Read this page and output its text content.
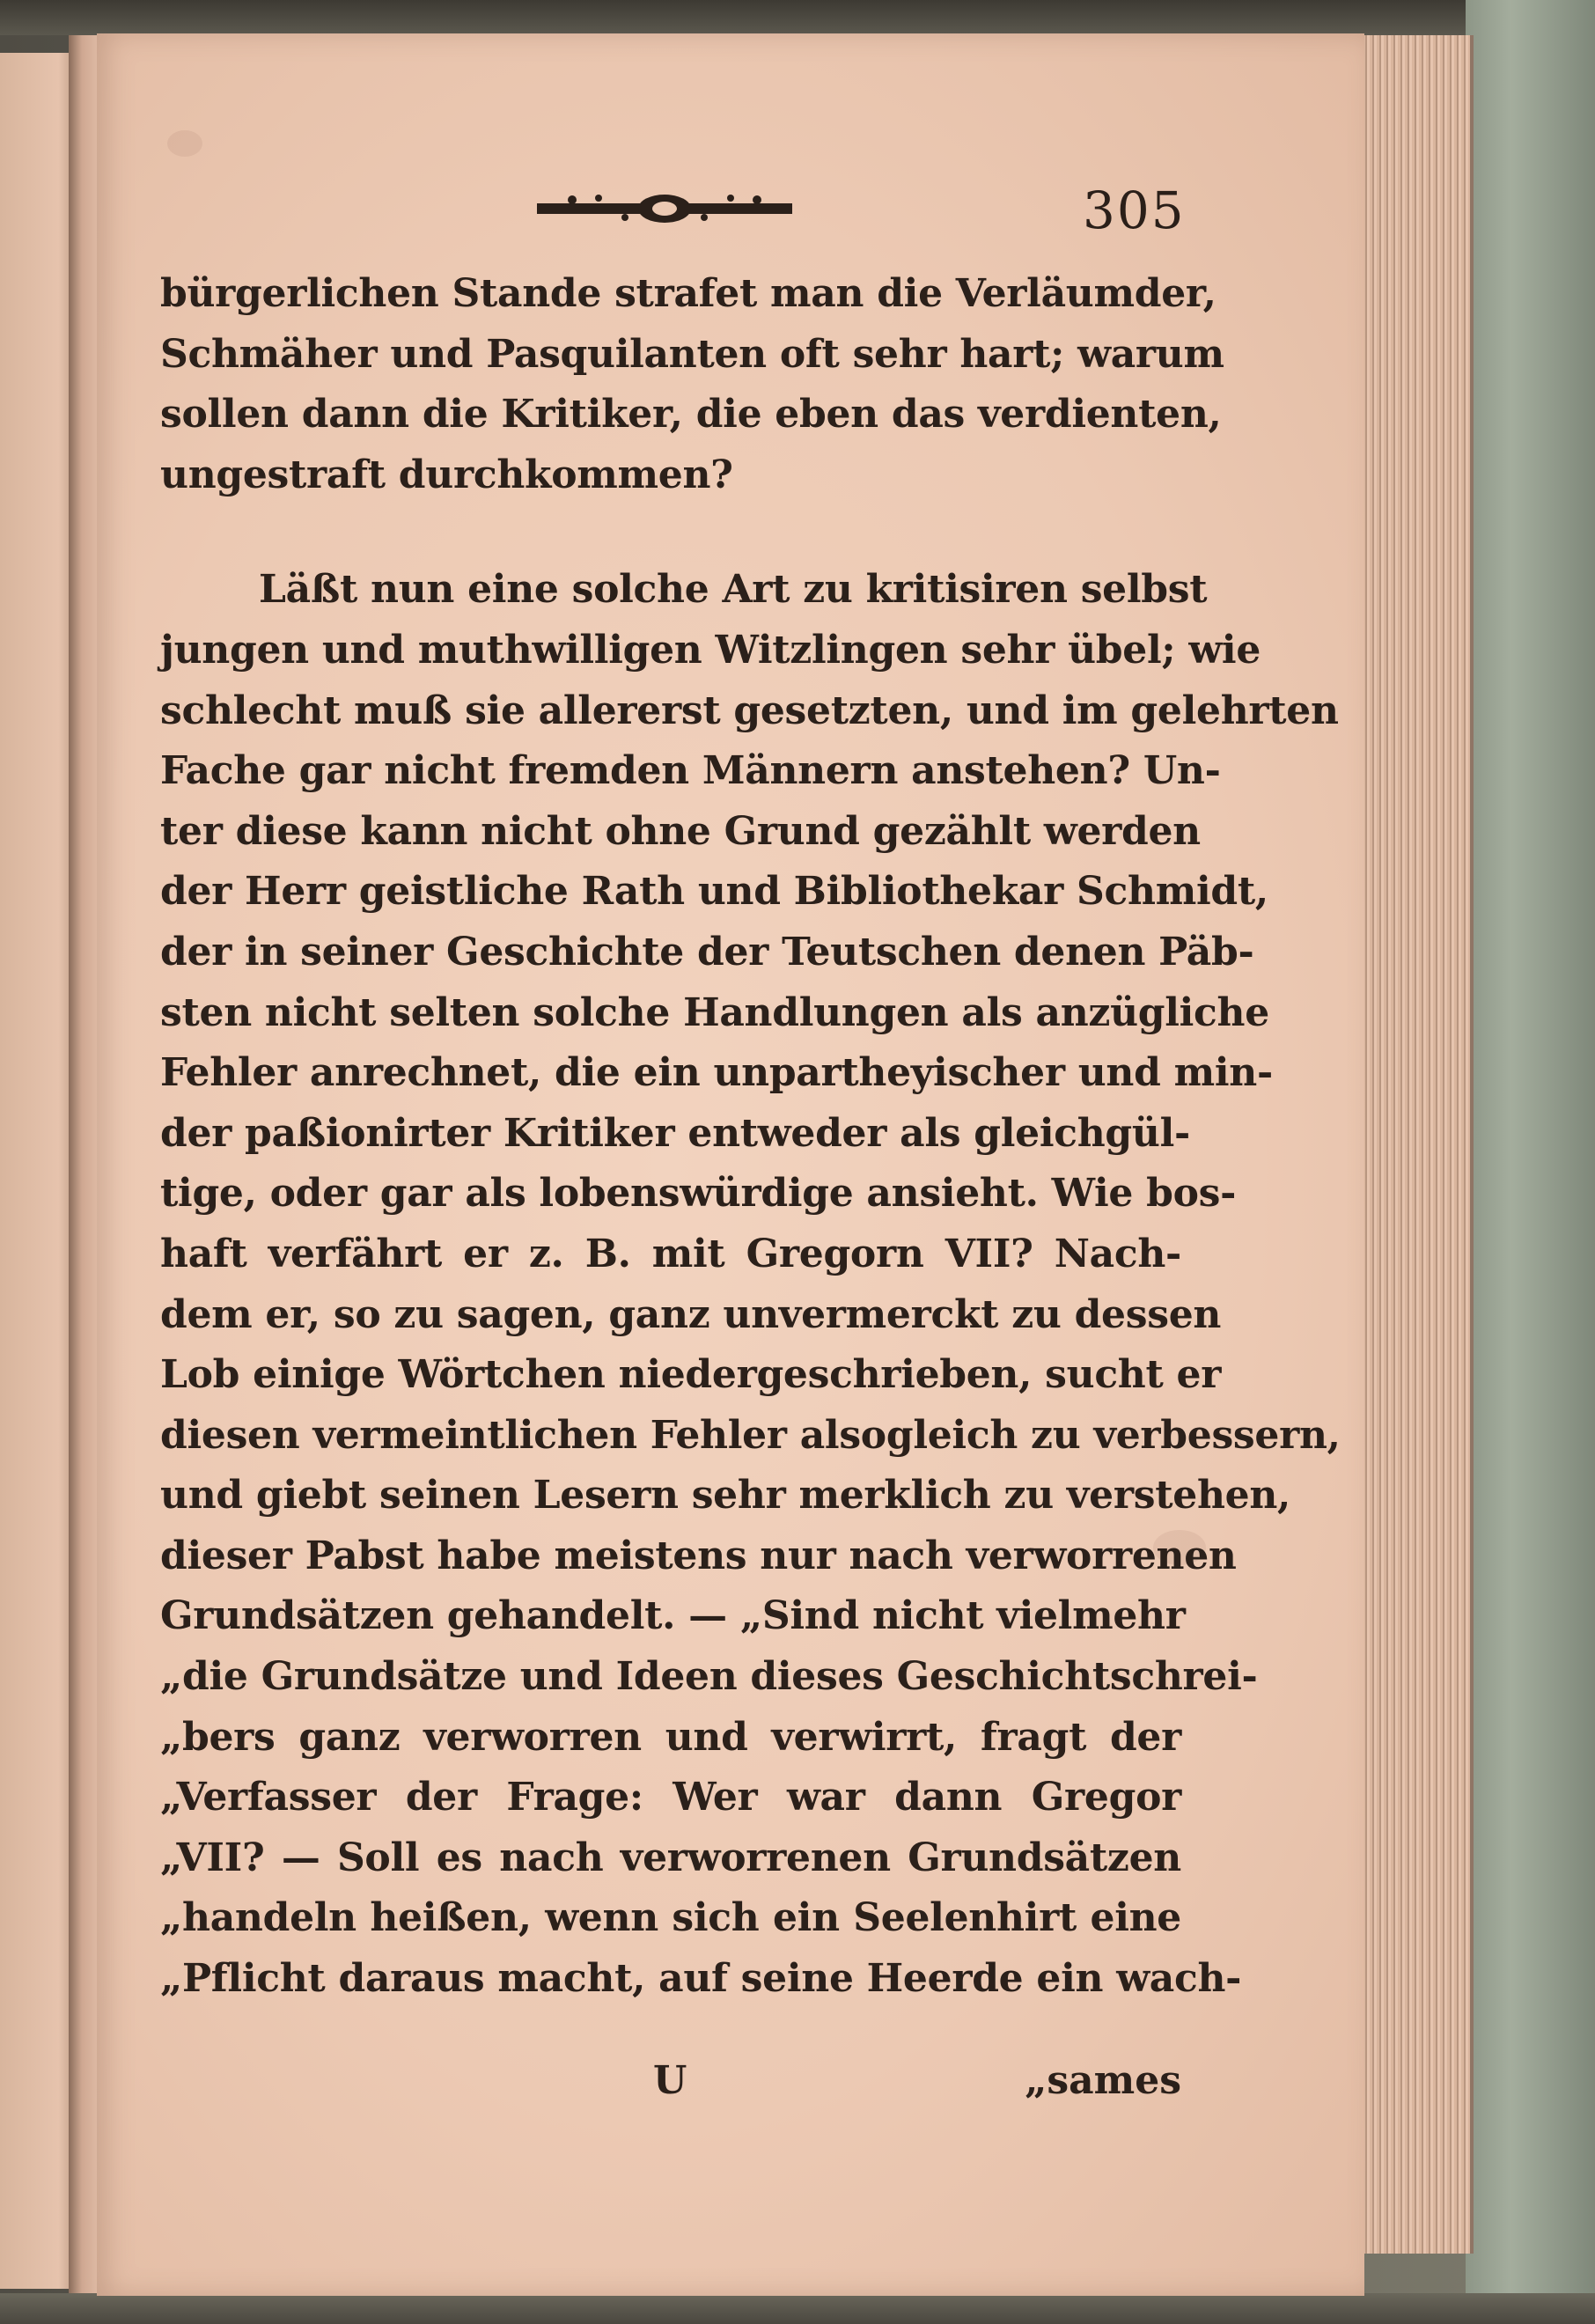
305
bürgerlichen Stande strafet man die Verläumder,
Schmäher und Pasquilanten oft sehr hart; warum
sollen dann die Kritiker, die eben das verdienten,
ungestraft durchkommen?
Läßt nun eine solche Art zu kritisiren selbst
jungen und muthwilligen Witzlingen sehr übel; wie
schlecht muß sie allererst gesetzten, und im gelehrten
Fache gar nicht fremden Männern anstehen? Un-
ter diese kann nicht ohne Grund gezählt werden
der Herr geistliche Rath und Bibliothekar Schmidt,
der in seiner Geschichte der Teutschen denen Päb-
sten nicht selten solche Handlungen als anzügliche
Fehler anrechnet, die ein unpartheyischer und min-
der paßionirter Kritiker entweder als gleichgül-
tige, oder gar als lobenswürdige ansieht. Wie bos-
haft verfährt er z. B. mit Gregorn VII? Nach-
dem er, so zu sagen, ganz unvermerckt zu dessen
Lob einige Wörtchen niedergeschrieben, sucht er
diesen vermeintlichen Fehler alsogleich zu verbessern,
und giebt seinen Lesern sehr merklich zu verstehen,
dieser Pabst habe meistens nur nach verworrenen
Grundsätzen gehandelt. — „Sind nicht vielmehr
„die Grundsätze und Ideen dieses Geschichtschrei-
„bers ganz verworren und verwirrt, fragt der
„Verfasser der Frage: Wer war dann Gregor
„VII? — Soll es nach verworrenen Grundsätzen
„handeln heißen, wenn sich ein Seelenhirt eine
„Pflicht daraus macht, auf seine Heerde ein wach-
U	„sames
